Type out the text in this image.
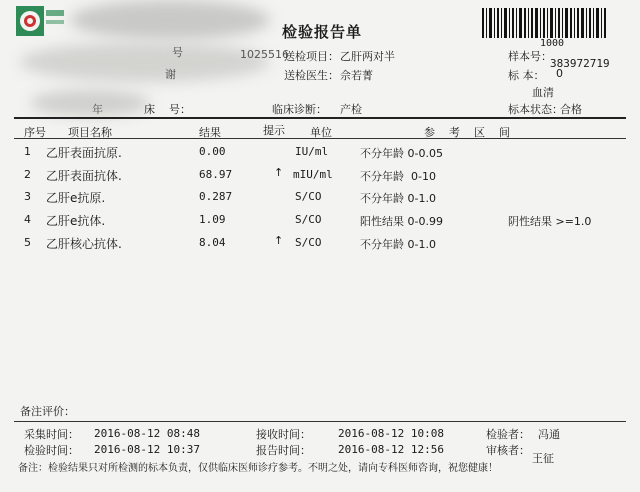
检验报告单
1000
1025516
送检项目： 乙肝两对半	样本号：
383972719
号
谢	送检医生： 佘若菁	标 本： 0
血清
年	床    号：	临床诊断： 产检	标本状态：
合格
序号 项目名称	结果	提示 单位	参    考    区    间
1 乙肝表面抗原.	0.00	IU/ml	不分年龄 0-0.05
2 乙肝表面抗体.	68.97	↑ mIU/ml 不分年龄  0-10
3 乙肝e抗原.	0.287	S/CO	不分年龄 0-1.0
4 乙肝e抗体.	1.09	S/CO	阳性结果 0-0.99	阴性结果 >=1.0
5 乙肝核心抗体.	8.04	↑ S/CO	不分年龄 0-1.0
备注评价：
采集时间： 2016-08-12 08:48	接收时间： 2016-08-12 10:08	检验者： 冯通
检验时间： 2016-08-12 10:37	报告时间： 2016-08-12 12:56	审核者：
王征
备注：检验结果只对所检测的标本负责，仅供临床医师诊疗参考。不明之处，请向专科医师咨询，祝您健康！
